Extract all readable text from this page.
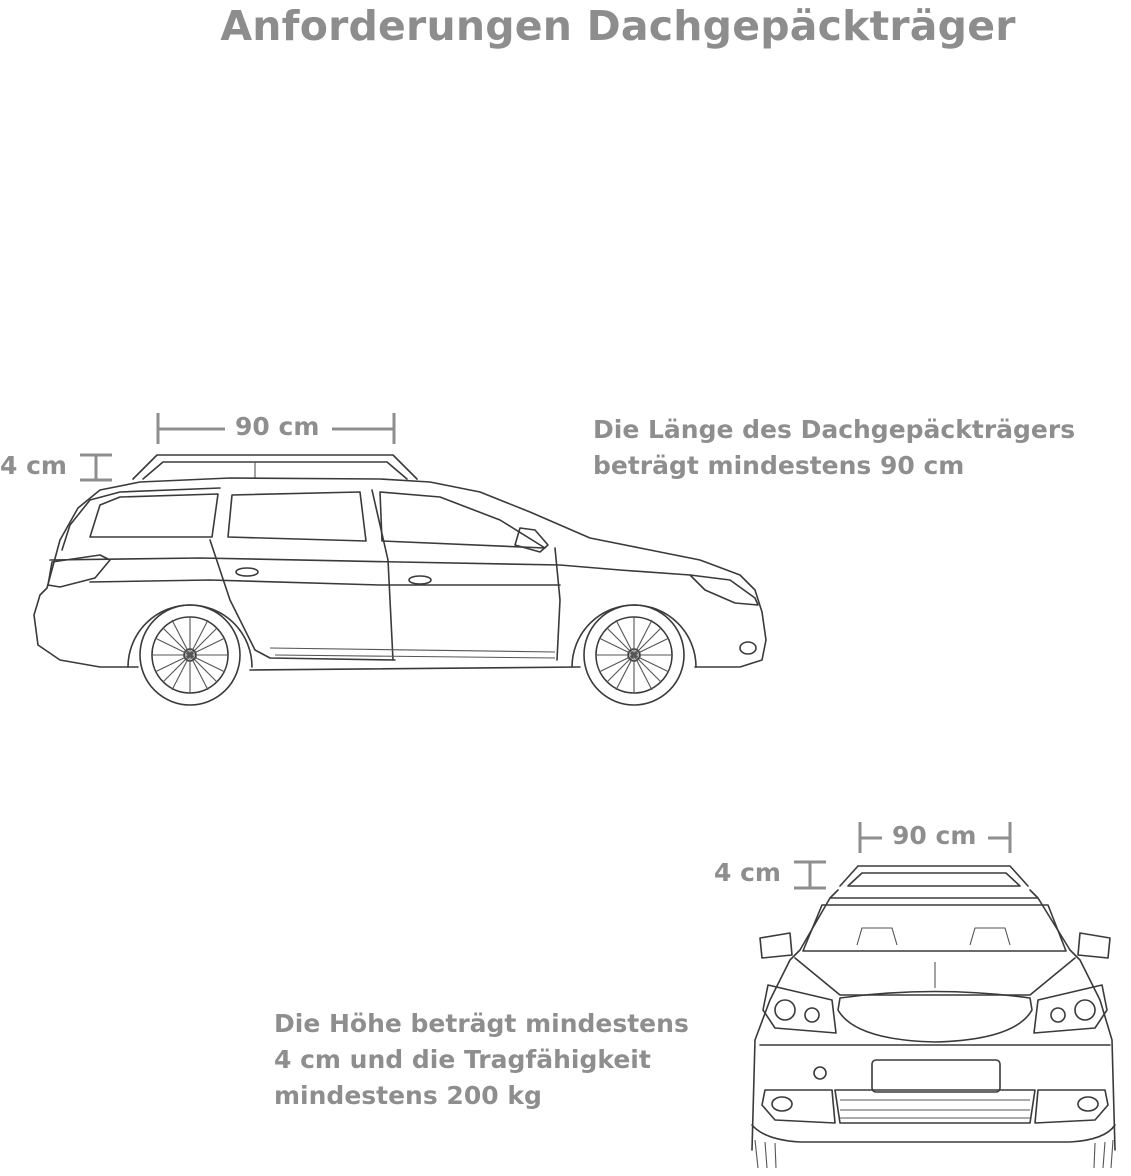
Anforderungen Dachgepäckträger
90 cm
4 cm
Die Länge des Dachgepäckträgers
beträgt mindestens 90 cm
90 cm
4 cm
Die Höhe beträgt mindestens
4 cm und die Tragfähigkeit
mindestens 200 kg
